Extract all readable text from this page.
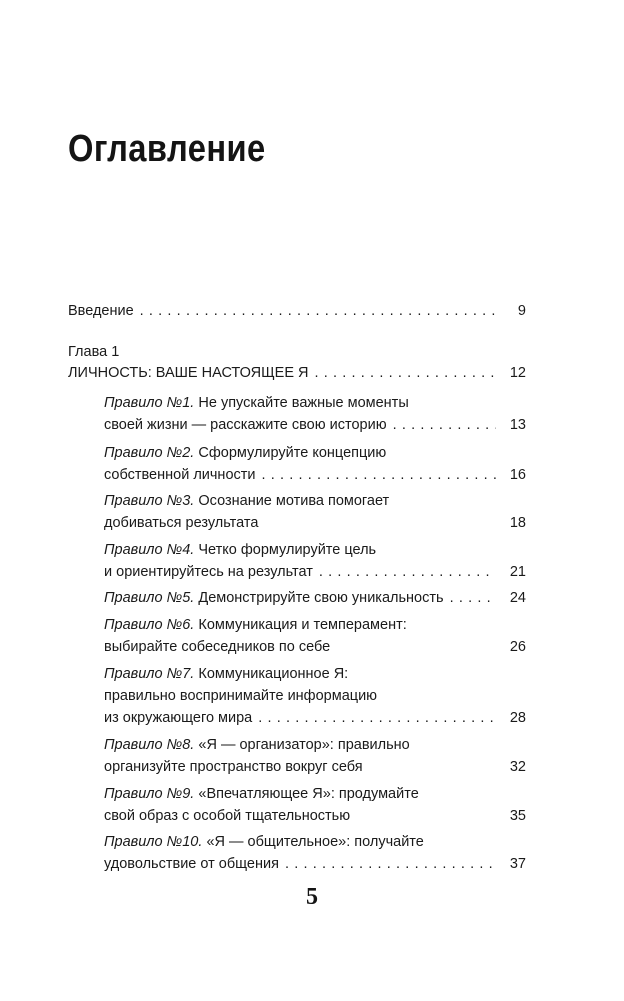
Оглавление
Введение . . .	9
Глава 1
ЛИЧНОСТЬ: ВАШЕ НАСТОЯЩЕЕ Я . . .	12
Правило №1. Не упускайте важные моменты
своей жизни — расскажите свою историю . . .	13
Правило №2. Сформулируйте концепцию
собственной личности . . .	16
Правило №3. Осознание мотива помогает
добиваться результата	18
Правило №4. Четко формулируйте цель
и ориентируйтесь на результат . . .	21
Правило №5. Демонстрируйте свою уникальность . . .	24
Правило №6. Коммуникация и темперамент:
выбирайте собеседников по себе	26
Правило №7. Коммуникационное Я:
правильно воспринимайте информацию
из окружающего мира . . .	28
Правило №8. «Я — организатор»: правильно
организуйте пространство вокруг себя	32
Правило №9. «Впечатляющее Я»: продумайте
свой образ с особой тщательностью	35
Правило №10. «Я — общительное»: получайте
удовольствие от общения . . .	37
5
